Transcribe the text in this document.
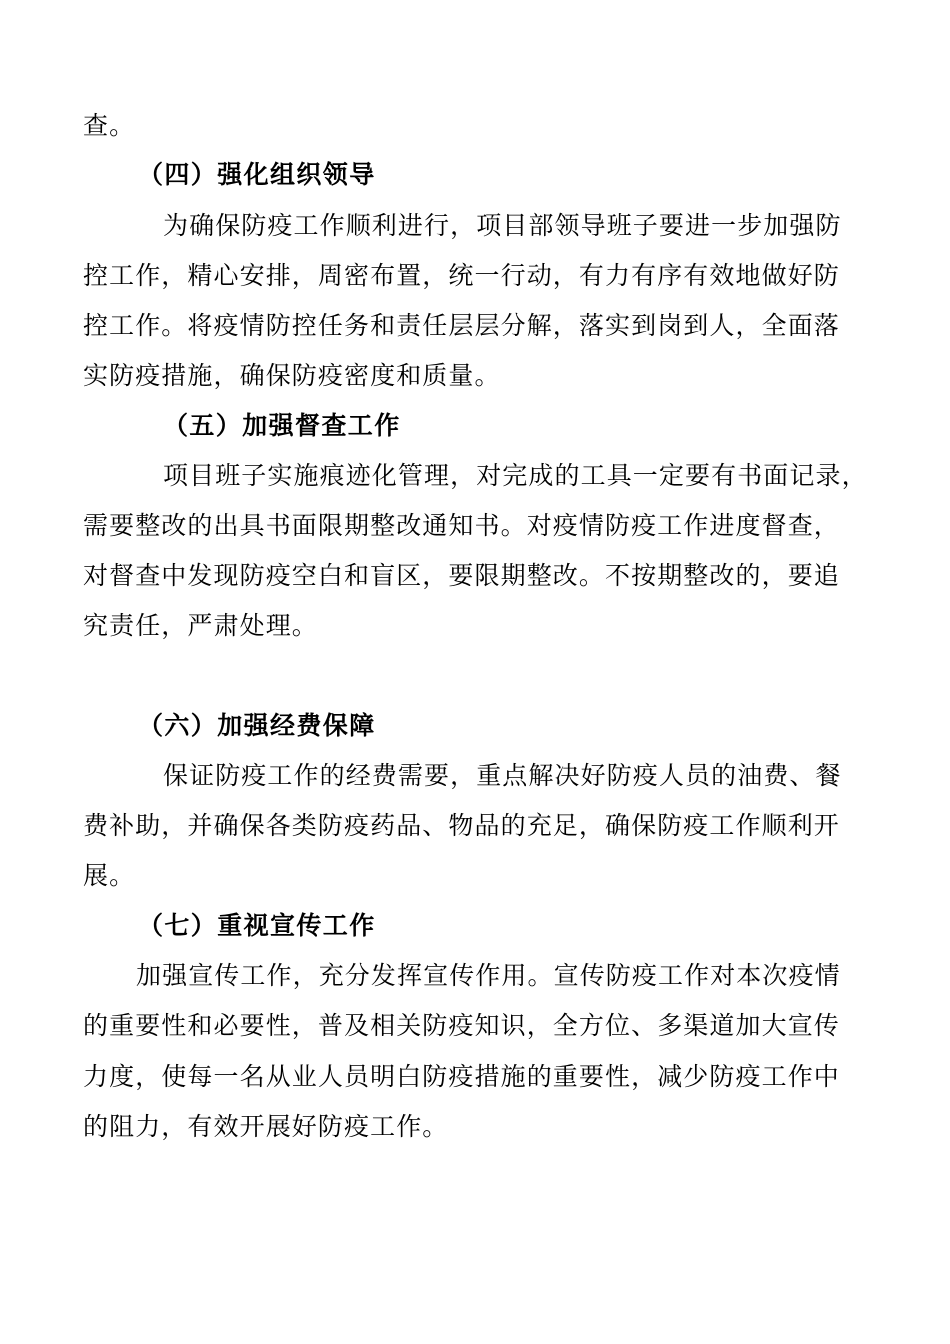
查。
（四）强化组织领导
为确保防疫工作顺利进行，项目部领导班子要进一步加强防
控工作，精心安排，周密布置，统一行动，有力有序有效地做好防
控工作。将疫情防控任务和责任层层分解，落实到岗到人，全面落
实防疫措施，确保防疫密度和质量。
（五）加强督查工作
项目班子实施痕迹化管理，对完成的工具一定要有书面记录，
需要整改的出具书面限期整改通知书。对疫情防疫工作进度督查，
对督查中发现防疫空白和盲区，要限期整改。不按期整改的，要追
究责任，严肃处理。
（六）加强经费保障
保证防疫工作的经费需要，重点解决好防疫人员的油费、餐
费补助，并确保各类防疫药品、物品的充足，确保防疫工作顺利开
展。
（七）重视宣传工作
加强宣传工作，充分发挥宣传作用。宣传防疫工作对本次疫情
的重要性和必要性，普及相关防疫知识，全方位、多渠道加大宣传
力度，使每一名从业人员明白防疫措施的重要性，减少防疫工作中
的阻力，有效开展好防疫工作。
